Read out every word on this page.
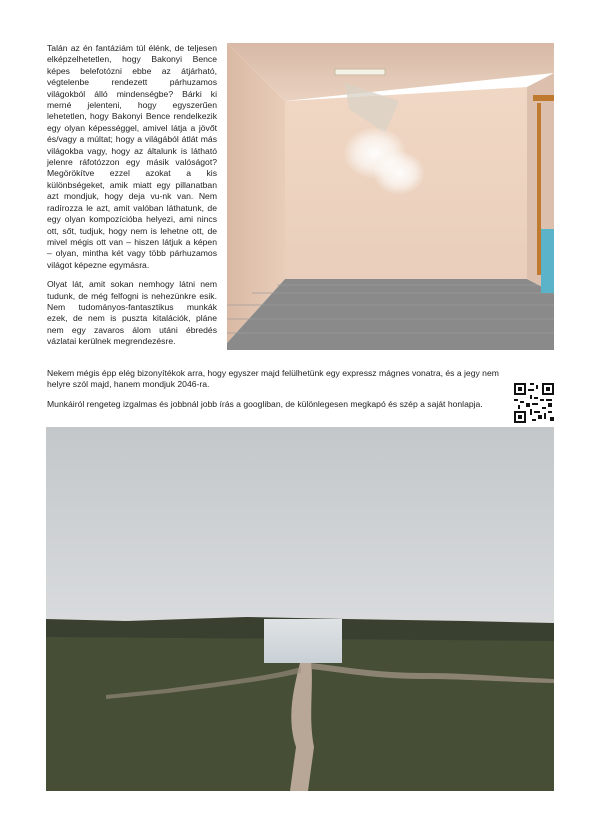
Talán az én fantáziám túl élénk, de teljesen elképzelhetetlen, hogy Bakonyi Bence képes belefotózni ebbe az átjárható, végtelenbe rendezett párhuzamos világokból álló mindenségbe? Bárki ki merné jelenteni, hogy egyszerűen lehetetlen, hogy Bakonyi Bence rendelkezik egy olyan képességgel, amivel látja a jövőt és/vagy a múltat; hogy a világából átlát más világokba vagy, hogy az általunk is látható jelenre ráfotózzon egy másik valóságot? Megörökítve ezzel azokat a kis különbségeket, amik miatt egy pillanatban azt mondjuk, hogy deja vu-nk van. Nem radírozza le azt, amit valóban láthatunk, de egy olyan kompozícióba helyezi, ami nincs ott, sőt, tudjuk, hogy nem is lehetne ott, de mivel mégis ott van – hiszen látjuk a képen – olyan, mintha két vagy több párhuzamos világot képezne egymásra.

Olyat lát, amit sokan nemhogy látni nem tudunk, de még felfogni is nehezünkre esik. Nem tudományos-fantasztikus munkák ezek, de nem is puszta kitalációk, pláne nem egy zavaros álom utáni ébredés vázlatai kerülnek megrendezésre.

Nekem mégis épp elég bizonyítékok arra, hogy egyszer majd felülhetünk egy expressz mágnes vonatra, és a jegy nem helyre szól majd, hanem mondjuk 2046-ra.

Munkáiról rengeteg izgalmas és jobbnál jobb írás a googliban, de különlegesen megkapó és szép a saját honlapja.
